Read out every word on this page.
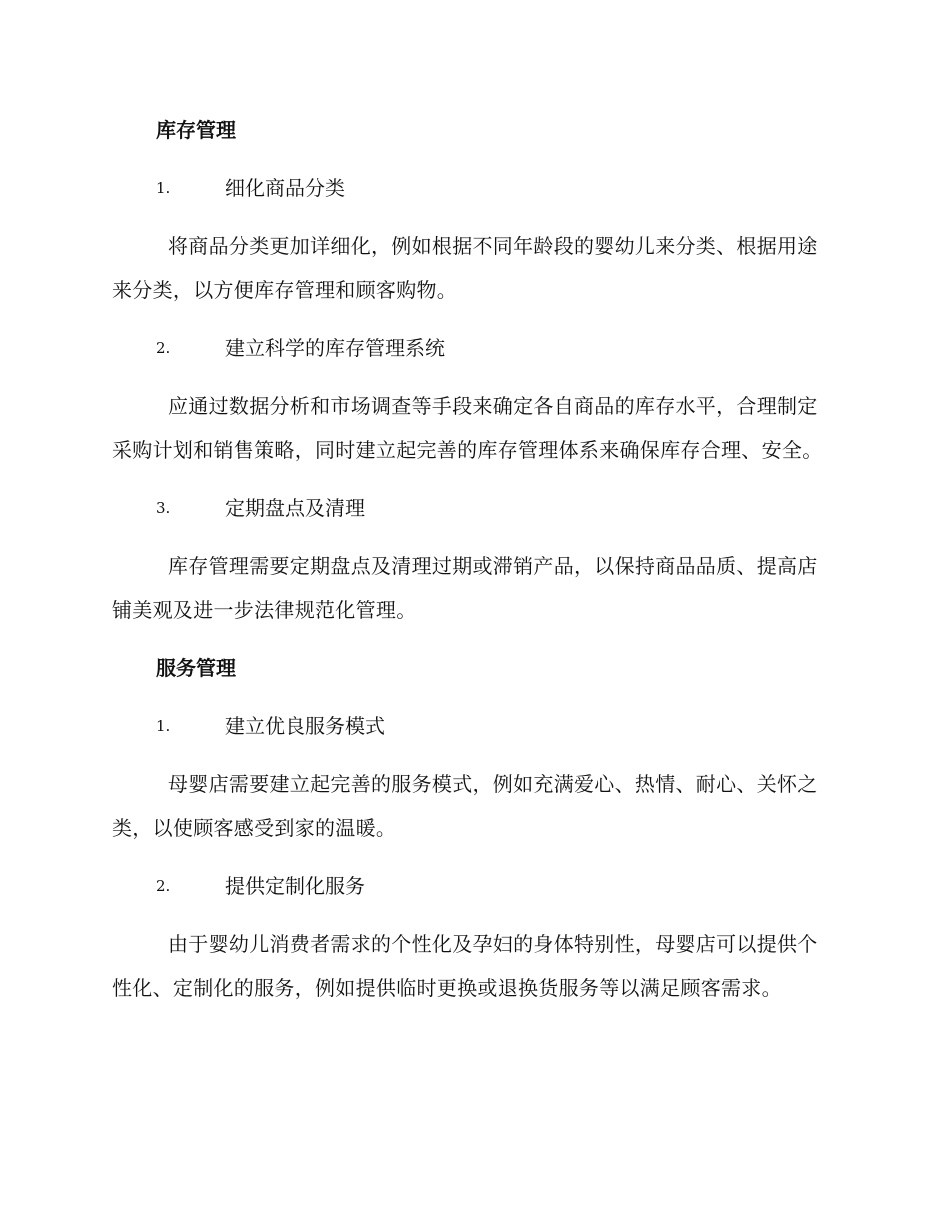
库存管理
1.	细化商品分类

将商品分类更加详细化，例如根据不同年龄段的婴幼儿来分类、根据用途来分类，以方便库存管理和顾客购物。

2.	建立科学的库存管理系统

应通过数据分析和市场调查等手段来确定各自商品的库存水平，合理制定采购计划和销售策略，同时建立起完善的库存管理体系来确保库存合理、安全。

3.	定期盘点及清理

库存管理需要定期盘点及清理过期或滞销产品，以保持商品品质、提高店铺美观及进一步法律规范化管理。

服务管理
1.	建立优良服务模式

母婴店需要建立起完善的服务模式，例如充满爱心、热情、耐心、关怀之类，以使顾客感受到家的温暖。

2.	提供定制化服务

由于婴幼儿消费者需求的个性化及孕妇的身体特别性，母婴店可以提供个性化、定制化的服务，例如提供临时更换或退换货服务等以满足顾客需求。
